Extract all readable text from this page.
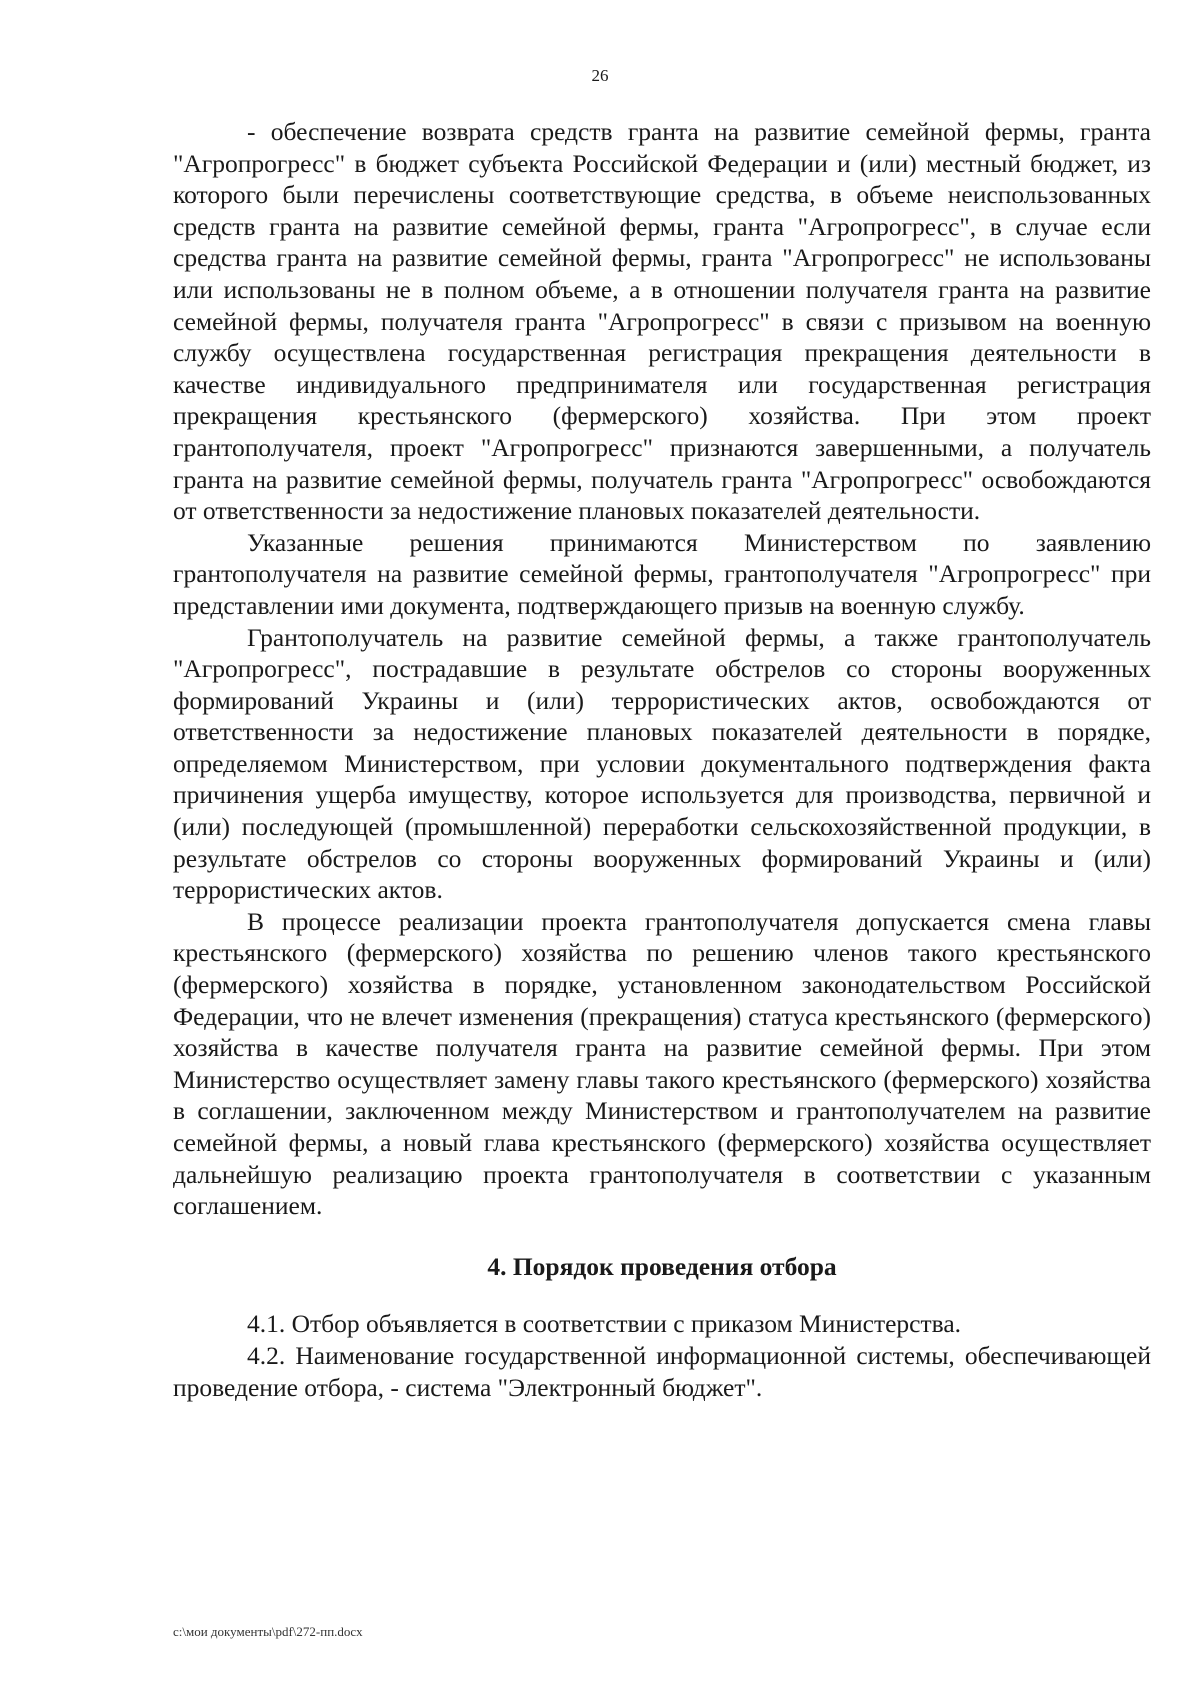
26

- обеспечение возврата средств гранта на развитие семейной фермы, гранта "Агропрогресс" в бюджет субъекта Российской Федерации и (или) местный бюджет, из которого были перечислены соответствующие средства, в объеме неиспользованных средств гранта на развитие семейной фермы, гранта "Агропрогресс", в случае если средства гранта на развитие семейной фермы, гранта "Агропрогресс" не использованы или использованы не в полном объеме, а в отношении получателя гранта на развитие семейной фермы, получателя гранта "Агропрогресс" в связи с призывом на военную службу осуществлена государственная регистрация прекращения деятельности в качестве индивидуального предпринимателя или государственная регистрация прекращения крестьянского (фермерского) хозяйства. При этом проект грантополучателя, проект "Агропрогресс" признаются завершенными, а получатель гранта на развитие семейной фермы, получатель гранта "Агропрогресс" освобождаются от ответственности за недостижение плановых показателей деятельности.

Указанные решения принимаются Министерством по заявлению грантополучателя на развитие семейной фермы, грантополучателя "Агропрогресс" при представлении ими документа, подтверждающего призыв на военную службу.

Грантополучатель на развитие семейной фермы, а также грантополучатель "Агропрогресс", пострадавшие в результате обстрелов со стороны вооруженных формирований Украины и (или) террористических актов, освобождаются от ответственности за недостижение плановых показателей деятельности в порядке, определяемом Министерством, при условии документального подтверждения факта причинения ущерба имуществу, которое используется для производства, первичной и (или) последующей (промышленной) переработки сельскохозяйственной продукции, в результате обстрелов со стороны вооруженных формирований Украины и (или) террористических актов.

В процессе реализации проекта грантополучателя допускается смена главы крестьянского (фермерского) хозяйства по решению членов такого крестьянского (фермерского) хозяйства в порядке, установленном законодательством Российской Федерации, что не влечет изменения (прекращения) статуса крестьянского (фермерского) хозяйства в качестве получателя гранта на развитие семейной фермы. При этом Министерство осуществляет замену главы такого крестьянского (фермерского) хозяйства в соглашении, заключенном между Министерством и грантополучателем на развитие семейной фермы, а новый глава крестьянского (фермерского) хозяйства осуществляет дальнейшую реализацию проекта грантополучателя в соответствии с указанным соглашением.

4. Порядок проведения отбора

4.1. Отбор объявляется в соответствии с приказом Министерства.

4.2. Наименование государственной информационной системы, обеспечивающей проведение отбора, - система "Электронный бюджет".

c:\мои документы\pdf\272-пп.docx
